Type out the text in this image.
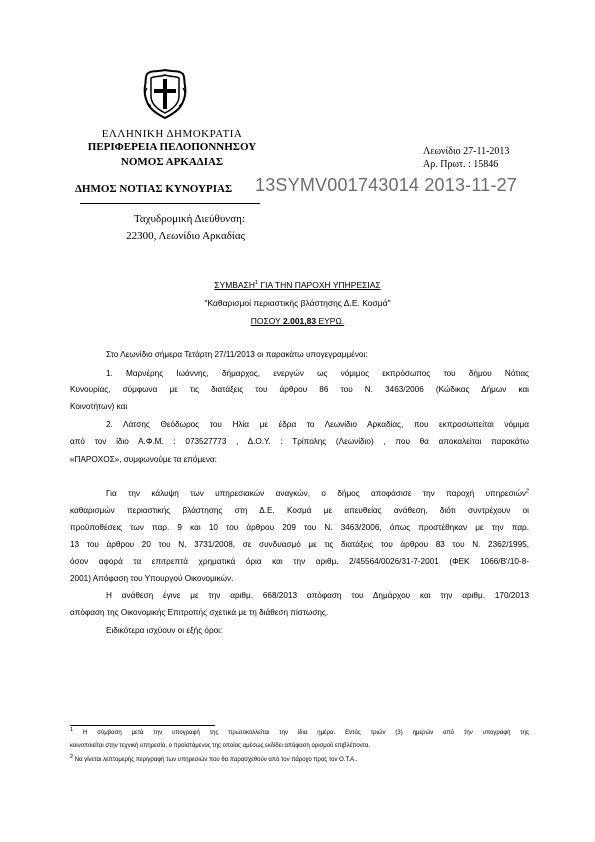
ΕΛΛΗΝΙΚΗ ΔΗΜΟΚΡΑΤΙΑ
ΠΕΡΙΦΕΡΕΙΑ ΠΕΛΟΠΟΝΝΗΣΟΥ
ΝΟΜΟΣ ΑΡΚΑΔΙΑΣ
ΔΗΜΟΣ ΝΟΤΙΑΣ ΚΥΝΟΥΡΙΑΣ
Ταχυδρομική Διεύθυνση:
22300, Λεωνίδιο Αρκαδίας
Λεωνίδιο 27-11-2013
Αρ. Πρωτ. : 15846
13SYMV001743014 2013-11-27
ΣΥΜΒΑΣΗ$^1$ ΓΙΑ ΤΗΝ ΠΑΡΟΧΗ ΥΠΗΡΕΣΙΑΣ
"Καθαρισμοί περιαστικής βλάστησης Δ.Ε. Κοσμά"
ΠΟΣΟΥ 2.001,83 ΕΥΡΩ.
Στο Λεωνίδιο σήμερα Τετάρτη 27/11/2013 οι παρακάτω υπογεγραμμένοι:
1. Μαρνέρης Ιωάννης, δήμαρχος, ενεργών ως νόμιμος εκπρόσωπος του δήμου Νότιας
Κυνουρίας, σύμφωνα με τις διατάξεις του άρθρου 86 του Ν. 3463/2006 (Κώδικας Δήμων και
Κοινοτήτων) και
2. Λάτσης Θεόδωρος του Ηλία με έδρα το Λεωνίδιο Αρκαδίας, που εκπροσωπείται νόμιμα
από τον ίδιο Α.Φ.Μ. : 073527773 , Δ.Ο.Υ. : Τρίπολης (Λεωνίδιο) , που θα αποκαλείται παρακάτω
«ΠΑΡΟΧΟΣ», συμφωνούμε τα επόμενα:
Για την κάλυψη των υπηρεσιακών αναγκών, ο δήμος αποφάσισε την παροχή υπηρεσιών$^2$
καθαρισμών περιαστικής βλάστησης στη Δ.Ε. Κοσμά με απευθείας ανάθεση, διότι συντρέχουν οι
προϋποθέσεις των παρ. 9 και 10 του άρθρου 209 του Ν. 3463/2006, όπως προστέθηκαν με την παρ.
13 του άρθρου 20 του Ν. 3731/2008, σε συνδυασμό με τις διατάξεις του άρθρου 83 του Ν. 2362/1995,
όσον αφορά τα επιτρεπτά χρηματικά όρια και την αριθμ. 2/45564/0026/31-7-2001 (ΦΕΚ 1066/Β'/10-8-
2001) Απόφαση του Υπουργού Οικονομικών.
Η ανάθεση έγινε με την αριθμ. 668/2013 απόφαση του Δημάρχου και την αριθμ. 170/2013
απόφαση της Οικονομικής Επιτροπής σχετικά με τη διάθεση πίστωσης.
Ειδικότερα ισχύουν οι εξής όροι:
$^1$ Η σύμβαση μετά την υπογραφή της πρωτοκολλείται την ίδια ημέρα. Εντός τριών (3) ημερών από την υπογραφή της
κοινοποιείται στην τεχνική υπηρεσία, ο προϊστάμενος της οποίας αμέσως εκδίδει απόφαση ορισμού επιβλέποντα.
$^2$ Να γίνεται λεπτομερής περιγραφή των υπηρεσιών που θα παρασχεθούν από τον πάροχο προς τον Ο.Τ.Α..
